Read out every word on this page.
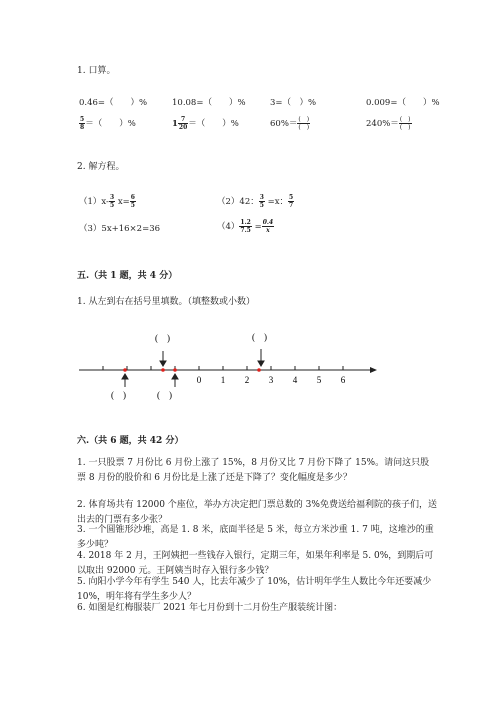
1. 口算。
0.46=（　　）%	10.08=（　　）%	3=（　）%	0.009=（　　）%
$\frac{5}{8}$ ＝（　　）%	$1 \frac{7}{20}$ ＝（　　）%	$60\%= \frac{( )}{( )}$	$240\%= \frac{( )}{( )}$
2. 解方程。
$(1)x- \frac{3}{5} x= \frac{6}{5}$	（2）42： $\frac{3}{5} =x$： $\frac{5}{7}$
（3）5x+16×2=36	$(4) \frac{1.2}{7.5} = \frac{0.4}{x}$
五.（共 1 题，共 4 分）
1. 从左到右在括号里填数。（填整数或小数）
0 1 2 3 4 5 6
(　)	(　)
(　)	(　)
六.（共 6 题，共 42 分）
1. 一只股票 7 月份比 6 月份上涨了 15%，8 月份又比 7 月份下降了 15%。请问这只股票 8 月份的股价和 6 月份比是上涨了还是下降了？变化幅度是多少？
2. 体育场共有 12000 个座位，举办方决定把门票总数的 3%免费送给福利院的孩子们，送出去的门票有多少张？
3. 一个圆锥形沙堆，高是 1. 8 米，底面半径是 5 米，每立方米沙重 1. 7 吨，这堆沙的重多少吨？
4. 2018 年 2 月，王阿姨把一些钱存入银行，定期三年，如果年利率是 5. 0%，到期后可以取出 92000 元。王阿姨当时存入银行多少钱？
5. 向阳小学今年有学生 540 人，比去年减少了 10%，估计明年学生人数比今年还要减少 10%，明年将有学生多少人？
6. 如图是红梅服装厂 2021 年七月份到十二月份生产服装统计图：
